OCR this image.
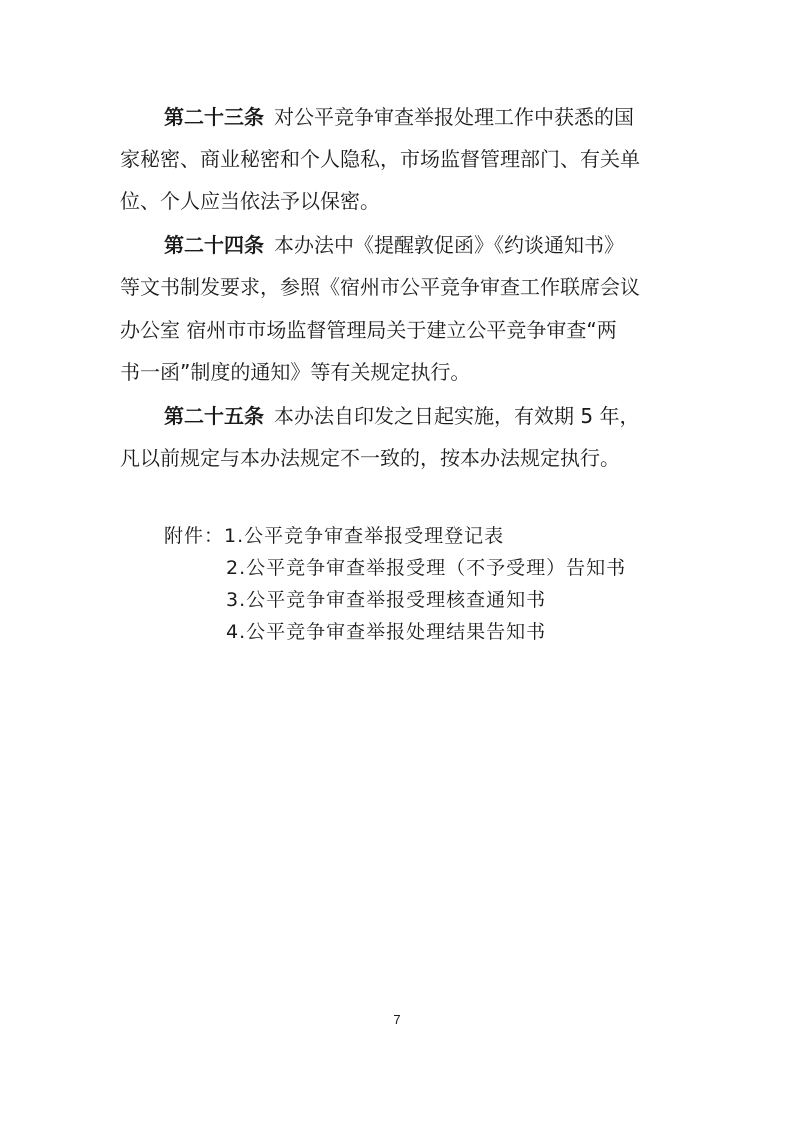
第二十三条 对公平竞争审查举报处理工作中获悉的国
家秘密、商业秘密和个人隐私，市场监督管理部门、有关单
位、个人应当依法予以保密。
第二十四条 本办法中《提醒敦促函》《约谈通知书》
等文书制发要求，参照《宿州市公平竞争审查工作联席会议
办公室 宿州市市场监督管理局关于建立公平竞争审查“两
书一函”制度的通知》等有关规定执行。
第二十五条 本办法自印发之日起实施，有效期 5 年，
凡以前规定与本办法规定不一致的，按本办法规定执行。
附件：1.公平竞争审查举报受理登记表
2.公平竞争审查举报受理（不予受理）告知书
3.公平竞争审查举报受理核查通知书
4.公平竞争审查举报处理结果告知书
7
